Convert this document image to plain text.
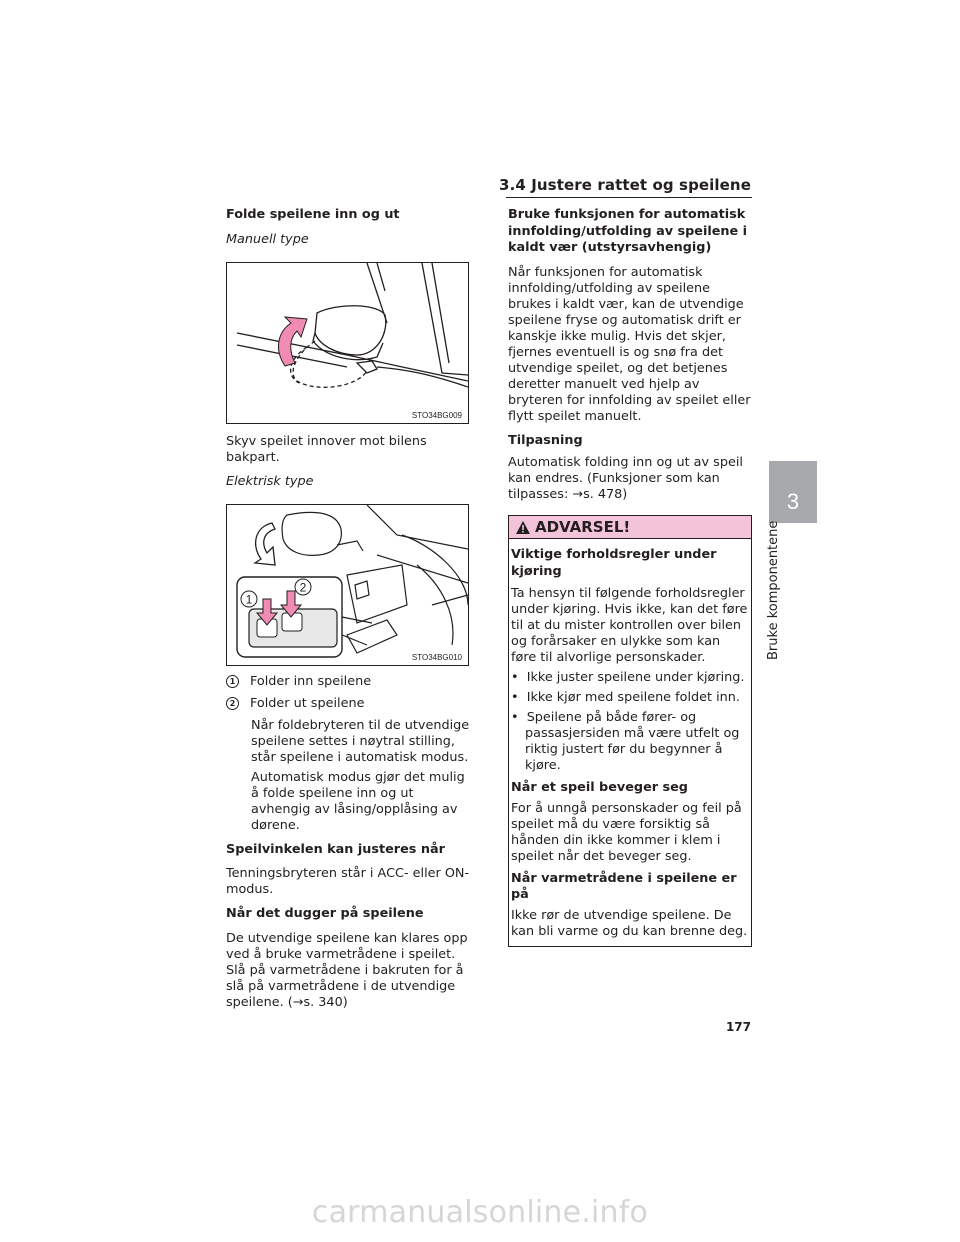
3.4 Justere rattet og speilene
Folde speilene inn og ut
Manuell type
STO34BG009
Skyv speilet innover mot bilens bakpart.
Elektrisk type
1
2
STO34BG010
1 Folder inn speilene
2 Folder ut speilene
Når foldebryteren til de utvendige speilene settes i nøytral stilling, står speilene i automatisk modus.
Automatisk modus gjør det mulig å folde speilene inn og ut avhengig av låsing/opplåsing av dørene.
Speilvinkelen kan justeres når
Tenningsbryteren står i ACC- eller ON-modus.
Når det dugger på speilene
De utvendige speilene kan klares opp ved å bruke varmetrådene i speilet. Slå på varmetrådene i bakruten for å slå på varmetrådene i de utvendige speilene. (→s. 340)
Bruke funksjonen for automatisk innfolding/utfolding av speilene i kaldt vær (utstyrsavhengig)
Når funksjonen for automatisk innfolding/utfolding av speilene brukes i kaldt vær, kan de utvendige speilene fryse og automatisk drift er kanskje ikke mulig. Hvis det skjer, fjernes eventuell is og snø fra det utvendige speilet, og det betjenes deretter manuelt ved hjelp av bryteren for innfolding av speilet eller flytt speilet manuelt.
Tilpasning
Automatisk folding inn og ut av speil kan endres. (Funksjoner som kan tilpasses: →s. 478)
ADVARSEL!
Viktige forholdsregler under kjøring
Ta hensyn til følgende forholdsregler under kjøring. Hvis ikke, kan det føre til at du mister kontrollen over bilen og forårsaker en ulykke som kan føre til alvorlige personskader.
•  Ikke juster speilene under kjøring.
•  Ikke kjør med speilene foldet inn.
•  Speilene på både fører- og passasjersiden må være utfelt og riktig justert før du begynner å kjøre.
Når et speil beveger seg
For å unngå personskader og feil på speilet må du være forsiktig så hånden din ikke kommer i klem i speilet når det beveger seg.
Når varmetrådene i speilene er på
Ikke rør de utvendige speilene. De kan bli varme og du kan brenne deg.
3
Bruke komponentene
177
carmanualsonline.info
